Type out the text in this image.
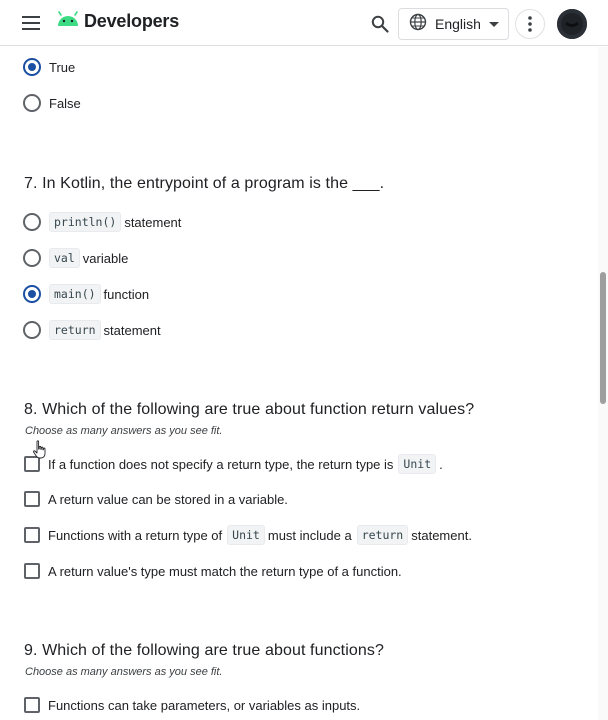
Developers	English
True
False
7. In Kotlin, the entrypoint of a program is the ___.
println() statement
val variable
main() function
return statement
8. Which of the following are true about function return values?
Choose as many answers as you see fit.
If a function does not specify a return type, the return type is Unit .
A return value can be stored in a variable.
Functions with a return type of Unit must include a return statement.
A return value's type must match the return type of a function.
9. Which of the following are true about functions?
Choose as many answers as you see fit.
Functions can take parameters, or variables as inputs.
